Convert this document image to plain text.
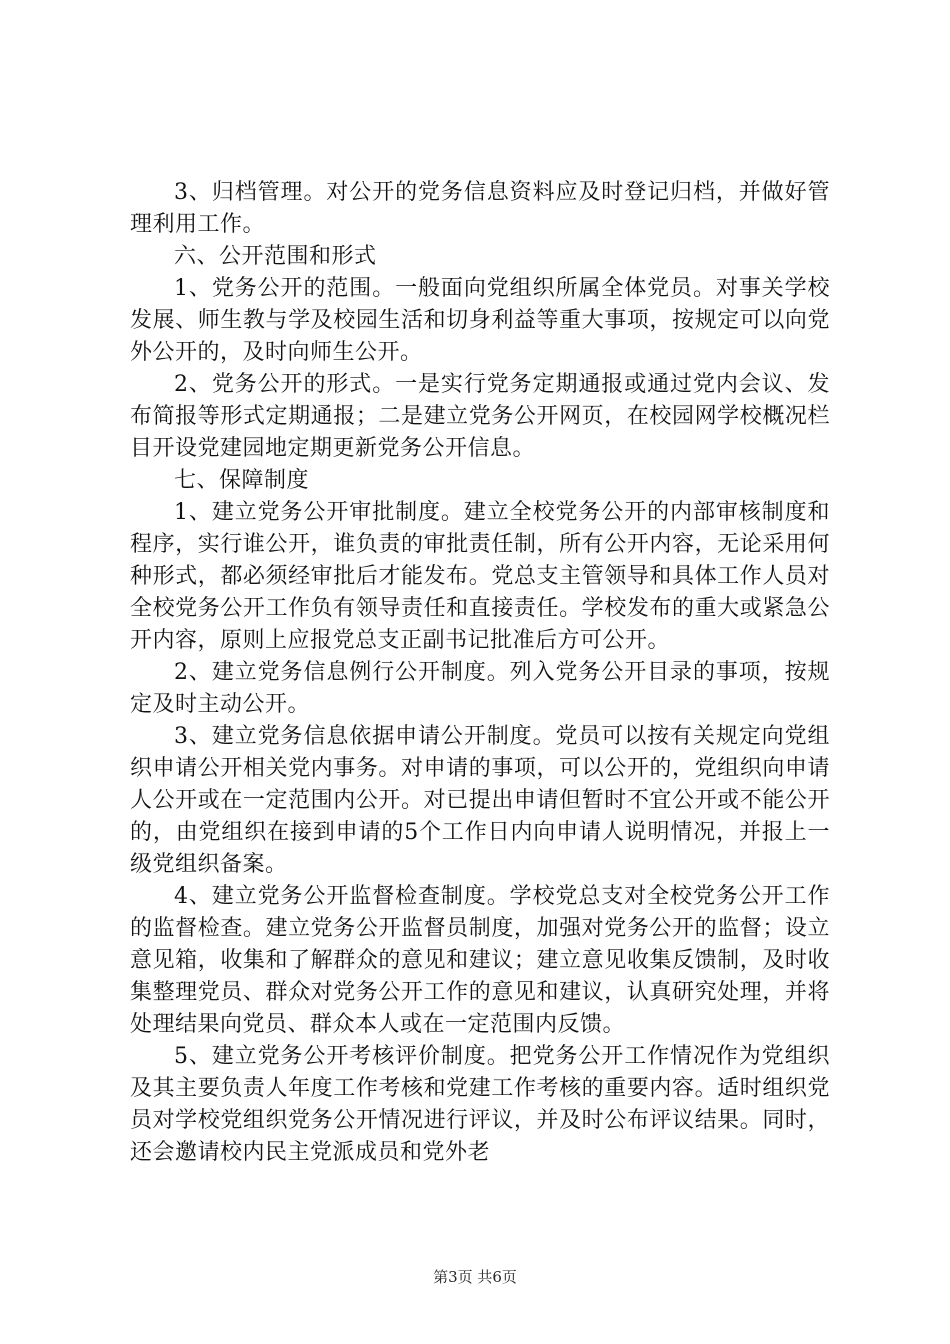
3、归档管理。对公开的党务信息资料应及时登记归档，并做好管理利用工作。

六、公开范围和形式

1、党务公开的范围。一般面向党组织所属全体党员。对事关学校发展、师生教与学及校园生活和切身利益等重大事项，按规定可以向党外公开的，及时向师生公开。

2、党务公开的形式。一是实行党务定期通报或通过党内会议、发布简报等形式定期通报；二是建立党务公开网页，在校园网学校概况栏目开设党建园地定期更新党务公开信息。

七、保障制度

1、建立党务公开审批制度。建立全校党务公开的内部审核制度和程序，实行谁公开，谁负责的审批责任制，所有公开内容，无论采用何种形式，都必须经审批后才能发布。党总支主管领导和具体工作人员对全校党务公开工作负有领导责任和直接责任。学校发布的重大或紧急公开内容，原则上应报党总支正副书记批准后方可公开。

2、建立党务信息例行公开制度。列入党务公开目录的事项，按规定及时主动公开。

3、建立党务信息依据申请公开制度。党员可以按有关规定向党组织申请公开相关党内事务。对申请的事项，可以公开的，党组织向申请人公开或在一定范围内公开。对已提出申请但暂时不宜公开或不能公开的，由党组织在接到申请的5个工作日内向申请人说明情况，并报上一级党组织备案。

4、建立党务公开监督检查制度。学校党总支对全校党务公开工作的监督检查。建立党务公开监督员制度，加强对党务公开的监督；设立意见箱，收集和了解群众的意见和建议；建立意见收集反馈制，及时收集整理党员、群众对党务公开工作的意见和建议，认真研究处理，并将处理结果向党员、群众本人或在一定范围内反馈。

5、建立党务公开考核评价制度。把党务公开工作情况作为党组织及其主要负责人年度工作考核和党建工作考核的重要内容。适时组织党员对学校党组织党务公开情况进行评议，并及时公布评议结果。同时，还会邀请校内民主党派成员和党外老

第3页 共6页
